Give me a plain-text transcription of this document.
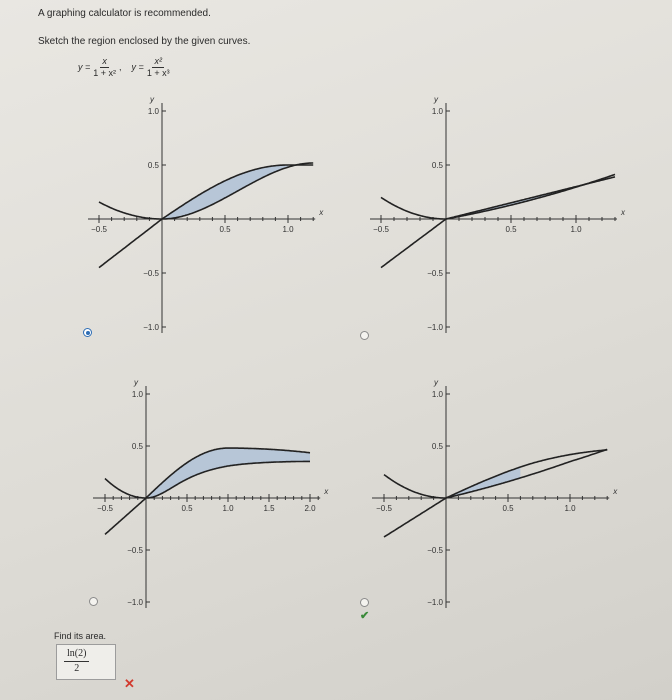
A graphing calculator is recommended.
Sketch the region enclosed by the given curves.
$y = \frac{x}{\text{1 + x²}}$ , $y = \frac{\text{x²}}{\text{1 + x³}}$
x
y
−0.5	0.5	1.0
1.0
0.5
−0.5
−1.0
x
y
−0.5	0.5	1.0
1.0
0.5
−0.5
−1.0
x
y
−0.5	0.5	1.0	1.5	2.0
1.0
0.5
−0.5
−1.0
✔
x
y
−0.5	0.5	1.0
1.0
0.5
−0.5
−1.0
Find its area.
$\frac{\ln(2)}{2}$
✕
